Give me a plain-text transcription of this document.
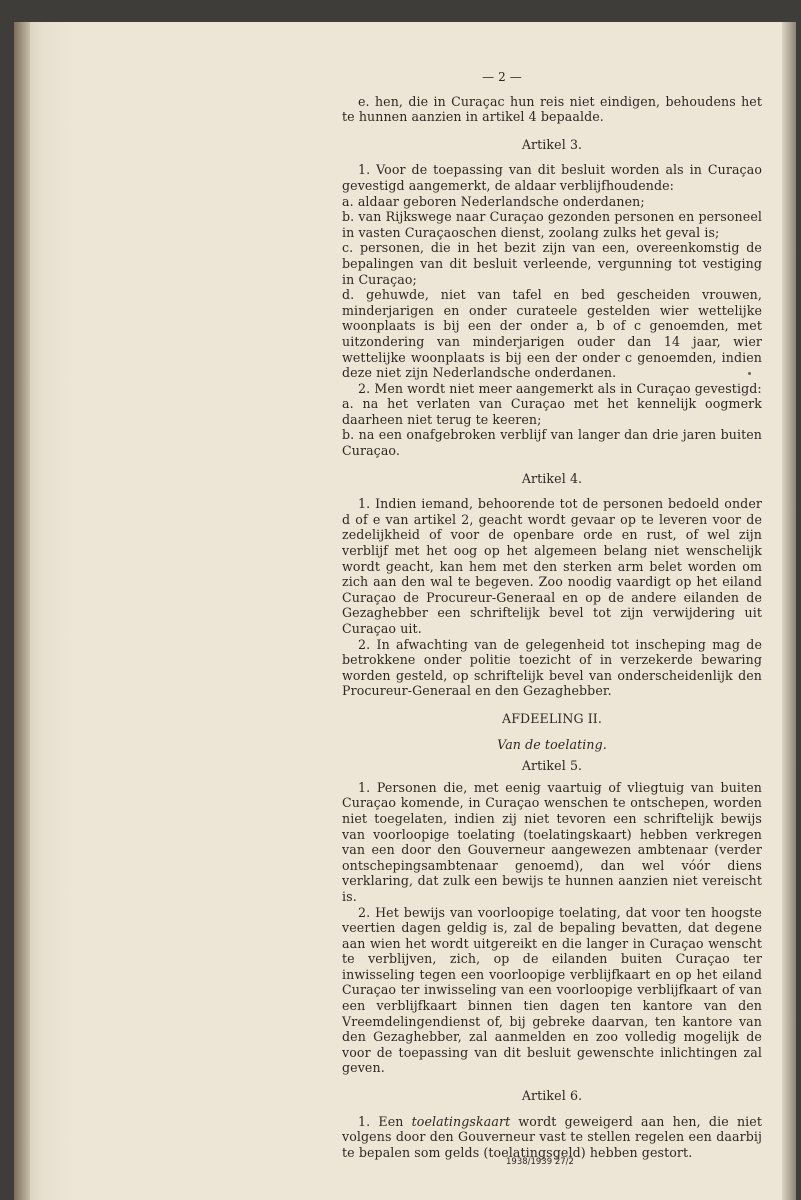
— 2 —

e. hen, die in Curaçac hun reis niet eindigen, behoudens het te hunnen aanzien in artikel 4 bepaalde.

Artikel 3.

1. Voor de toepassing van dit besluit worden als in Curaçao gevestigd aangemerkt, de aldaar verblijfhoudende:

a. aldaar geboren Nederlandsche onderdanen;

b. van Rijkswege naar Curaçao gezonden personen en personeel in vasten Curaçaoschen dienst, zoolang zulks het geval is;

c. personen, die in het bezit zijn van een, overeenkomstig de bepalingen van dit besluit verleende, vergunning tot vestiging in Curaçao;

d. gehuwde, niet van tafel en bed gescheiden vrouwen, minderjarigen en onder curateele gestelden wier wettelijke woonplaats is bij een der onder a, b of c genoemden, met uitzondering van minderjarigen ouder dan 14 jaar, wier wettelijke woonplaats is bij een der onder c genoemden, indien deze niet zijn Nederlandsche onderdanen.

2. Men wordt niet meer aangemerkt als in Curaçao gevestigd:

a. na het verlaten van Curaçao met het kennelijk oogmerk daarheen niet terug te keeren;

b. na een onafgebroken verblijf van langer dan drie jaren buiten Curaçao.

Artikel 4.

1. Indien iemand, behoorende tot de personen bedoeld onder d of e van artikel 2, geacht wordt gevaar op te leveren voor de zedelijkheid of voor de openbare orde en rust, of wel zijn verblijf met het oog op het algemeen belang niet wenschelijk wordt geacht, kan hem met den sterken arm belet worden om zich aan den wal te begeven. Zoo noodig vaardigt op het eiland Curaçao de Procureur-Generaal en op de andere eilanden de Gezaghebber een schriftelijk bevel tot zijn verwijdering uit Curaçao uit.

2. In afwachting van de gelegenheid tot inscheping mag de betrokkene onder politie toezicht of in verzekerde bewaring worden gesteld, op schriftelijk bevel van onderscheidenlijk den Procureur-Generaal en den Gezaghebber.

AFDEELING II.
Van de toelating.
Artikel 5.

1. Personen die, met eenig vaartuig of vliegtuig van buiten Curaçao komende, in Curaçao wenschen te ontschepen, worden niet toegelaten, indien zij niet tevoren een schriftelijk bewijs van voorloopige toelating (toelatingskaart) hebben verkregen van een door den Gouverneur aangewezen ambtenaar (verder ontschepingsambtenaar genoemd), dan wel vóór diens verklaring, dat zulk een bewijs te hunnen aanzien niet vereischt is.

2. Het bewijs van voorloopige toelating, dat voor ten hoogste veertien dagen geldig is, zal de bepaling bevatten, dat degene aan wien het wordt uitgereikt en die langer in Curaçao wenscht te verblijven, zich, op de eilanden buiten Curaçao ter inwisseling tegen een voorloopige verblijfkaart en op het eiland Curaçao ter inwisseling van een voorloopige verblijfkaart of van een verblijfkaart binnen tien dagen ten kantore van den Vreemdelingendienst of, bij gebreke daarvan, ten kantore van den Gezaghebber, zal aanmelden en zoo volledig mogelijk de voor de toepassing van dit besluit gewenschte inlichtingen zal geven.

Artikel 6.

1. Een toelatingskaart wordt geweigerd aan hen, die niet volgens door den Gouverneur vast te stellen regelen een daarbij te bepalen som gelds (toelatingsgeld) hebben gestort.

1938/1939 27/2
